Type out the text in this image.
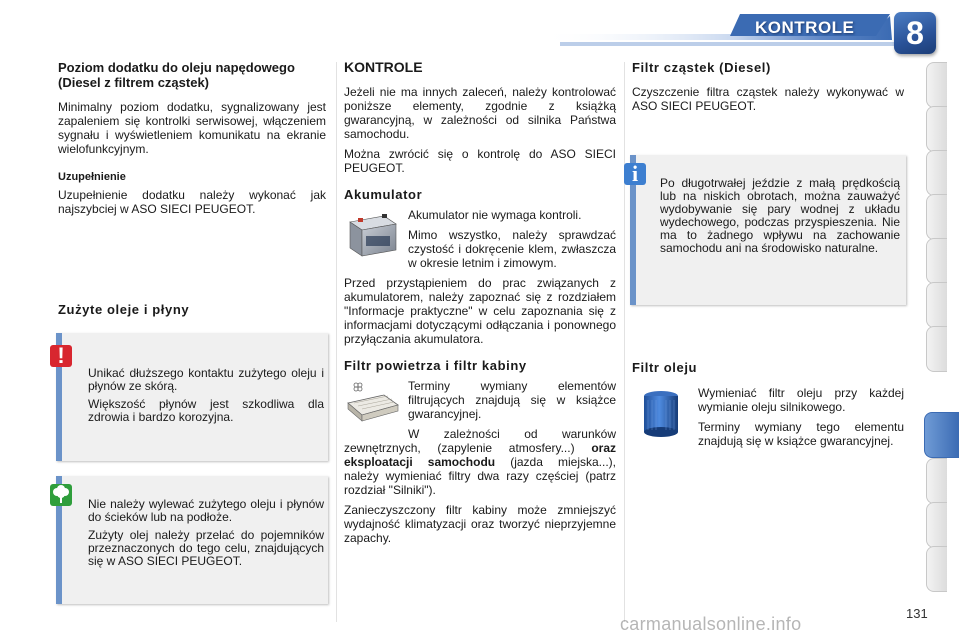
KONTROLE	8
Poziom dodatku do oleju napędowego (Diesel z filtrem cząstek)

Minimalny poziom dodatku, sygnalizowany jest zapaleniem się kontrolki serwisowej, włączeniem sygnału i wyświetleniem komunikatu na ekranie wielofunkcyjnym.

Uzupełnienie

Uzupełnienie dodatku należy wykonać jak najszybciej w ASO SIECI PEUGEOT.

Zużyte oleje i płyny
!

Unikać dłuższego kontaktu zużytego oleju i płynów ze skórą.

Większość płynów jest szkodliwa dla zdrowia i bardzo korozyjna.

Nie należy wylewać zużytego oleju i płynów do ścieków lub na podłoże.

Zużyty olej należy przelać do pojemników przeznaczonych do tego celu, znajdujących się w ASO SIECI PEUGEOT.

KONTROLE

Jeżeli nie ma innych zaleceń, należy kontrolować poniższe elementy, zgodnie z książką gwarancyjną, w zależności od silnika Państwa samochodu.

Można zwrócić się o kontrolę do ASO SIECI PEUGEOT.

Akumulator

Akumulator nie wymaga kontroli.

Mimo wszystko, należy sprawdzać czystość i dokręcenie klem, zwłaszcza w okresie letnim i zimowym.

Przed przystąpieniem do prac związanych z akumulatorem, należy zapoznać się z rozdziałem "Informacje praktyczne" w celu zapoznania się z informacjami dotyczącymi odłączania i ponownego przyłączania akumulatora.

Filtr powietrza i filtr kabiny

Terminy wymiany elementów filtrujących znajdują się w książce gwarancyjnej.

W zależności od warunków zewnętrznych, (zapylenie atmosfery...) oraz eksploatacji samochodu (jazda miejska...), należy wymieniać filtry dwa razy częściej (patrz rozdział "Silniki").

Zanieczyszczony filtr kabiny może zmniejszyć wydajność klimatyzacji oraz tworzyć nieprzyjemne zapachy.

Filtr cząstek (Diesel)

Czyszczenie filtra cząstek należy wykonywać w ASO SIECI PEUGEOT.

Filtr oleju

Wymieniać filtr oleju przy każdej wymianie oleju silnikowego.

Terminy wymiany tego elementu znajdują się w książce gwarancyjnej.

i	Po długotrwałej jeździe z małą prędkością lub na niskich obrotach, można zauważyć wydobywanie się pary wodnej z układu wydechowego, podczas przyspieszenia. Nie ma to żadnego wpływu na zachowanie samochodu ani na środowisko naturalne.

131
carmanualsonline.info
